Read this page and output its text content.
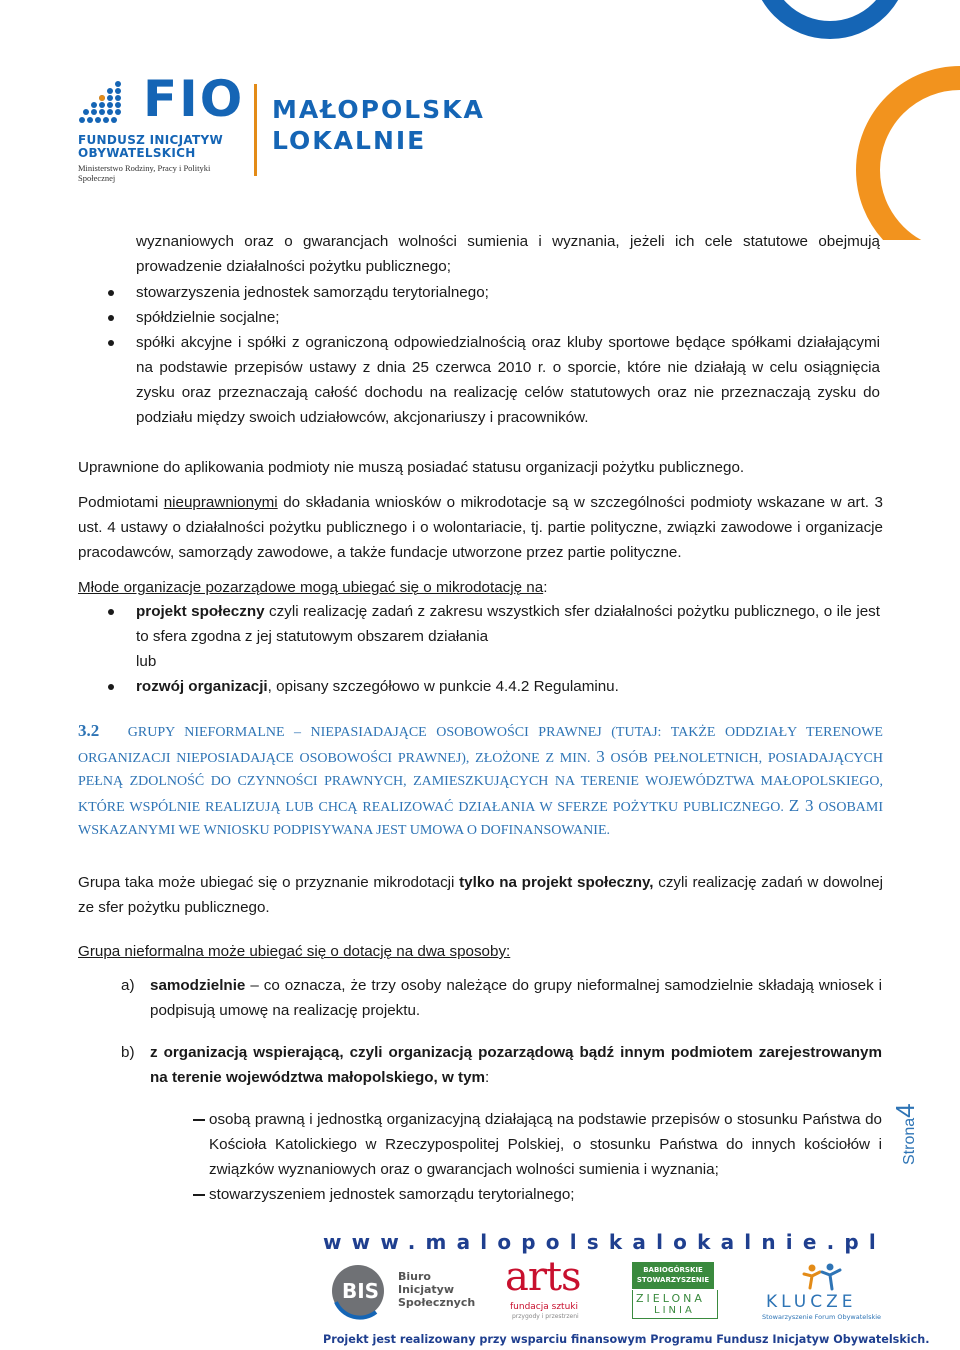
FIO
FUNDUSZ INICJATYW
OBYWATELSKICH
Ministerstwo Rodziny, Pracy i Polityki Społecznej
MAŁOPOLSKA
LOKALNIE
wyznaniowych oraz o gwarancjach wolności sumienia i wyznania, jeżeli ich cele statutowe obejmują
prowadzenie działalności pożytku publicznego;
stowarzyszenia jednostek samorządu terytorialnego;
spółdzielnie socjalne;
spółki akcyjne i spółki z ograniczoną odpowiedzialnością oraz kluby sportowe będące spółkami działającymi na podstawie przepisów ustawy z dnia 25 czerwca 2010 r. o sporcie, które nie działają w celu osiągnięcia zysku oraz przeznaczają całość dochodu na realizację celów statutowych oraz nie przeznaczają zysku do podziału między swoich udziałowców, akcjonariuszy i pracowników.
Uprawnione do aplikowania podmioty nie muszą posiadać statusu organizacji pożytku publicznego.
Podmiotami nieuprawnionymi do składania wniosków o mikrodotacje są w szczególności podmioty wskazane w art. 3 ust. 4 ustawy o działalności pożytku publicznego i o wolontariacie, tj. partie polityczne, związki zawodowe i organizacje pracodawców, samorządy zawodowe, a także fundacje utworzone przez partie polityczne.
Młode organizacje pozarządowe mogą ubiegać się o mikrodotację na:
projekt społeczny czyli realizację zadań z zakresu wszystkich sfer działalności pożytku publicznego, o ile jest to sfera zgodna z jej statutowym obszarem działania
lub
rozwój organizacji, opisany szczegółowo w punkcie 4.4.2 Regulaminu.
3.2 GRUPY NIEFORMALNE – NIEPASIADAJĄCE OSOBOWOŚCI PRAWNEJ (TUTAJ: TAKŻE ODDZIAŁY TERENOWE ORGANIZACJI NIEPOSIADAJĄCE OSOBOWOŚCI PRAWNEJ), ZŁOŻONE Z MIN. 3 OSÓB PEŁNOLETNICH, POSIADAJĄCYCH PEŁNĄ ZDOLNOŚĆ DO CZYNNOŚCI PRAWNYCH, ZAMIESZKUJĄCYCH NA TERENIE WOJEWÓDZTWA MAŁOPOLSKIEGO, KTÓRE WSPÓLNIE REALIZUJĄ LUB CHCĄ REALIZOWAĆ DZIAŁANIA W SFERZE POŻYTKU PUBLICZNEGO. Z 3 OSOBAMI WSKAZANYMI WE WNIOSKU PODPISYWANA JEST UMOWA O DOFINANSOWANIE.
Grupa taka może ubiegać się o przyznanie mikrodotacji tylko na projekt społeczny, czyli realizację zadań w dowolnej ze sfer pożytku publicznego.
Grupa nieformalna może ubiegać się o dotację na dwa sposoby:
a) samodzielnie – co oznacza, że trzy osoby należące do grupy nieformalnej samodzielnie składają wniosek i podpisują umowę na realizację projektu.
b) z organizacją wspierającą, czyli organizacją pozarządową bądź innym podmiotem zarejestrowanym na terenie województwa małopolskiego, w tym:
osobą prawną i jednostką organizacyjną działającą na podstawie przepisów o stosunku Państwa do Kościoła Katolickiego w Rzeczypospolitej Polskiej, o stosunku Państwa do innych kościołów i związków wyznaniowych oraz o gwarancjach wolności sumienia i wyznania;
stowarzyszeniem jednostek samorządu terytorialnego;
Strona4
www.malopolskalokalnie.pl
BIS
Biuro
Inicjatyw
Społecznych
arts
fundacja sztuki
przygody i przestrzeni
BABIOGÓRSKIE
STOWARZYSZENIE
ZIELONA
LINIA	KLUCZE
Stowarzyszenie Forum Obywatelskie
Projekt jest realizowany przy wsparciu finansowym Programu Fundusz Inicjatyw Obywatelskich.
